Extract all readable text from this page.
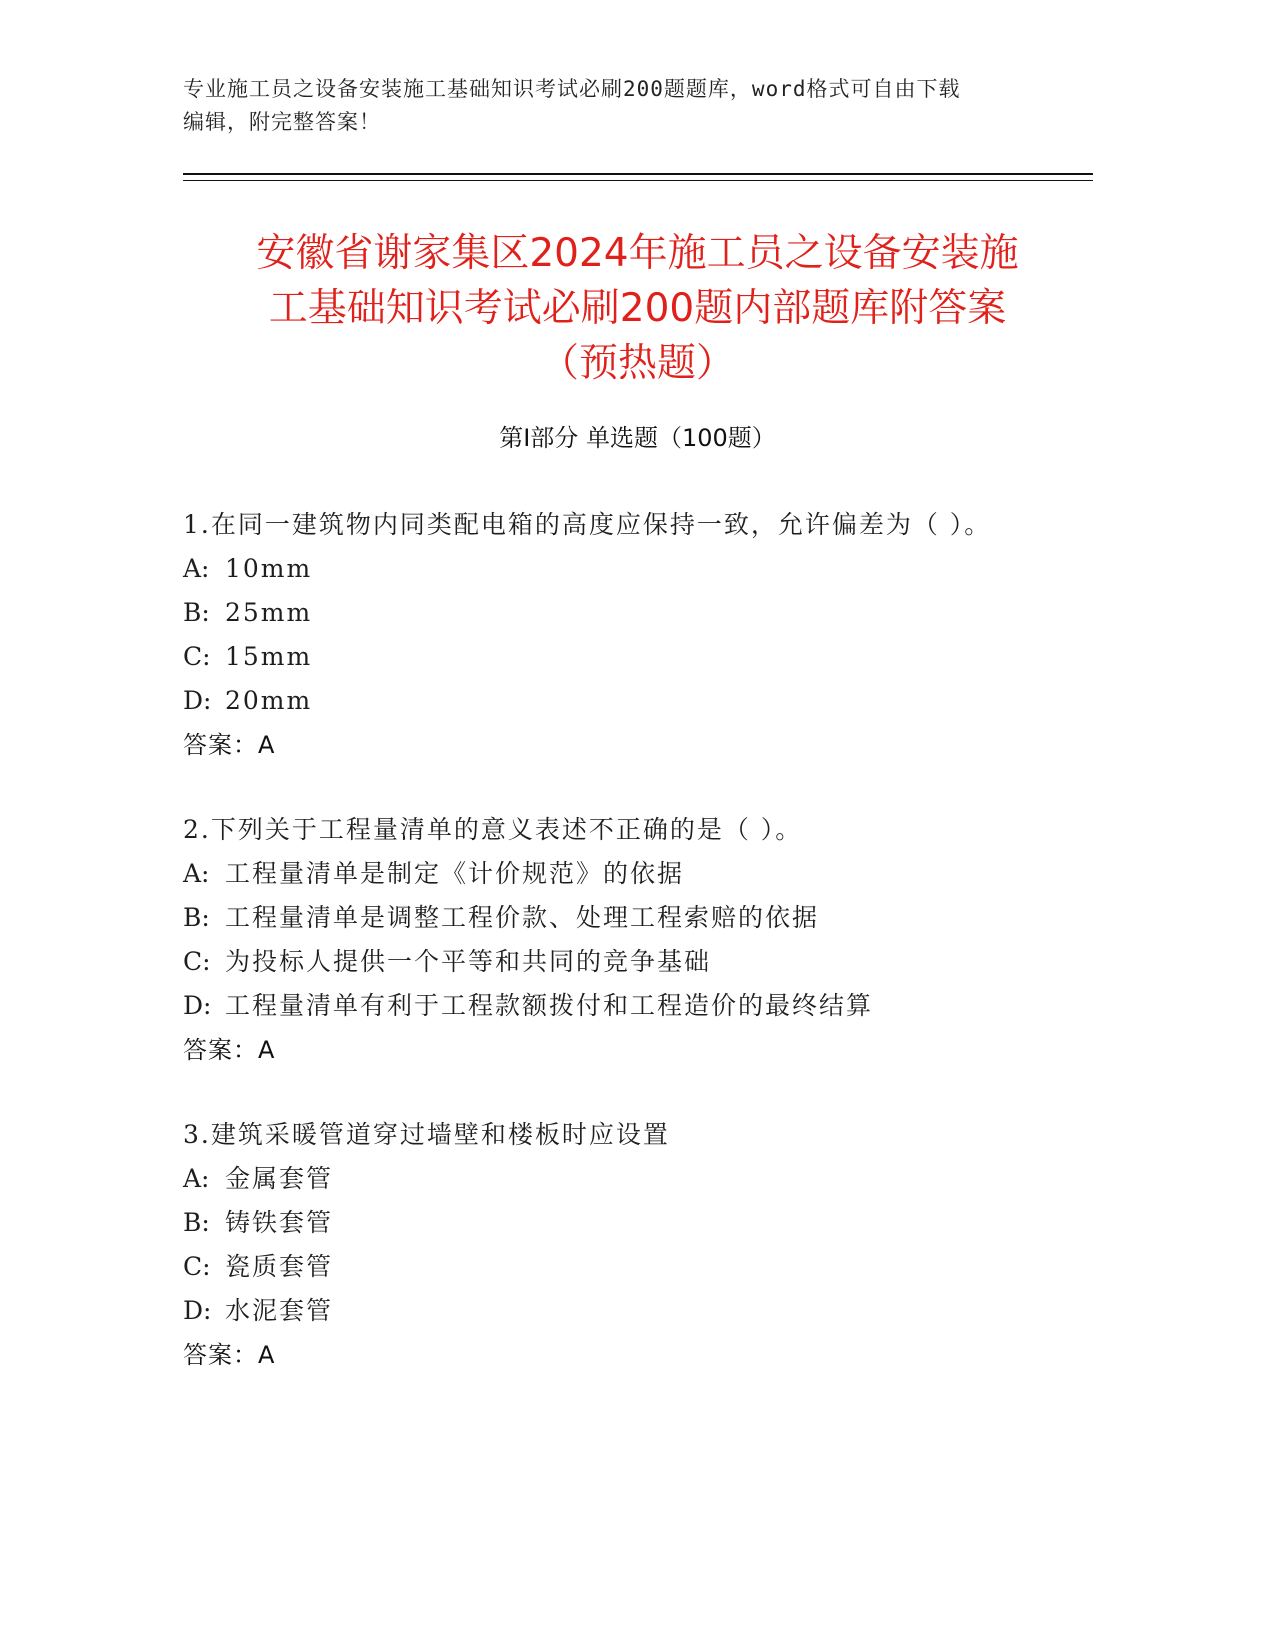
专业施工员之设备安装施工基础知识考试必刷200题题库，word格式可自由下载
编辑，附完整答案！
安徽省谢家集区2024年施工员之设备安装施
工基础知识考试必刷200题内部题库附答案
（预热题）
第Ⅰ部分 单选题（100题）
1.在同一建筑物内同类配电箱的高度应保持一致，允许偏差为（ ）。
A: 10mm
B: 25mm
C: 15mm
D: 20mm
答案：A
2.下列关于工程量清单的意义表述不正确的是（ ）。
A: 工程量清单是制定《计价规范》的依据
B: 工程量清单是调整工程价款、处理工程索赔的依据
C: 为投标人提供一个平等和共同的竞争基础
D: 工程量清单有利于工程款额拨付和工程造价的最终结算
答案：A
3.建筑采暖管道穿过墙壁和楼板时应设置
A: 金属套管
B: 铸铁套管
C: 瓷质套管
D: 水泥套管
答案：A
